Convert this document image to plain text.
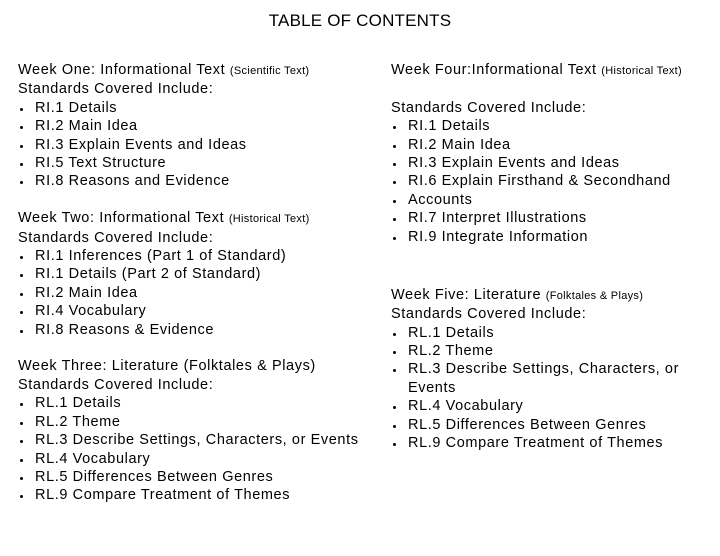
TABLE OF CONTENTS
Week One: Informational Text (Scientific Text)
Standards Covered Include:
RI.1 Details
RI.2 Main Idea
RI.3 Explain Events and Ideas
RI.5 Text Structure
RI.8 Reasons and Evidence
Week Two: Informational Text (Historical Text)
Standards Covered Include:
RI.1 Inferences (Part 1 of Standard)
RI.1 Details (Part 2 of Standard)
RI.2 Main Idea
RI.4 Vocabulary
RI.8 Reasons & Evidence
Week Three: Literature (Folktales & Plays)
Standards Covered Include:
RL.1 Details
RL.2 Theme
RL.3 Describe Settings, Characters, or Events
RL.4 Vocabulary
RL.5 Differences Between Genres
RL.9 Compare Treatment of Themes
Week Four:Informational Text (Historical Text)
Standards Covered Include:
RI.1 Details
RI.2 Main Idea
RI.3 Explain Events and Ideas
RI.6 Explain Firsthand & Secondhand
Accounts
RI.7 Interpret Illustrations
RI.9 Integrate Information
Week Five: Literature (Folktales & Plays)
Standards Covered Include:
RL.1 Details
RL.2 Theme
RL.3 Describe Settings, Characters, or
Events
RL.4 Vocabulary
RL.5 Differences Between Genres
RL.9 Compare Treatment of Themes
